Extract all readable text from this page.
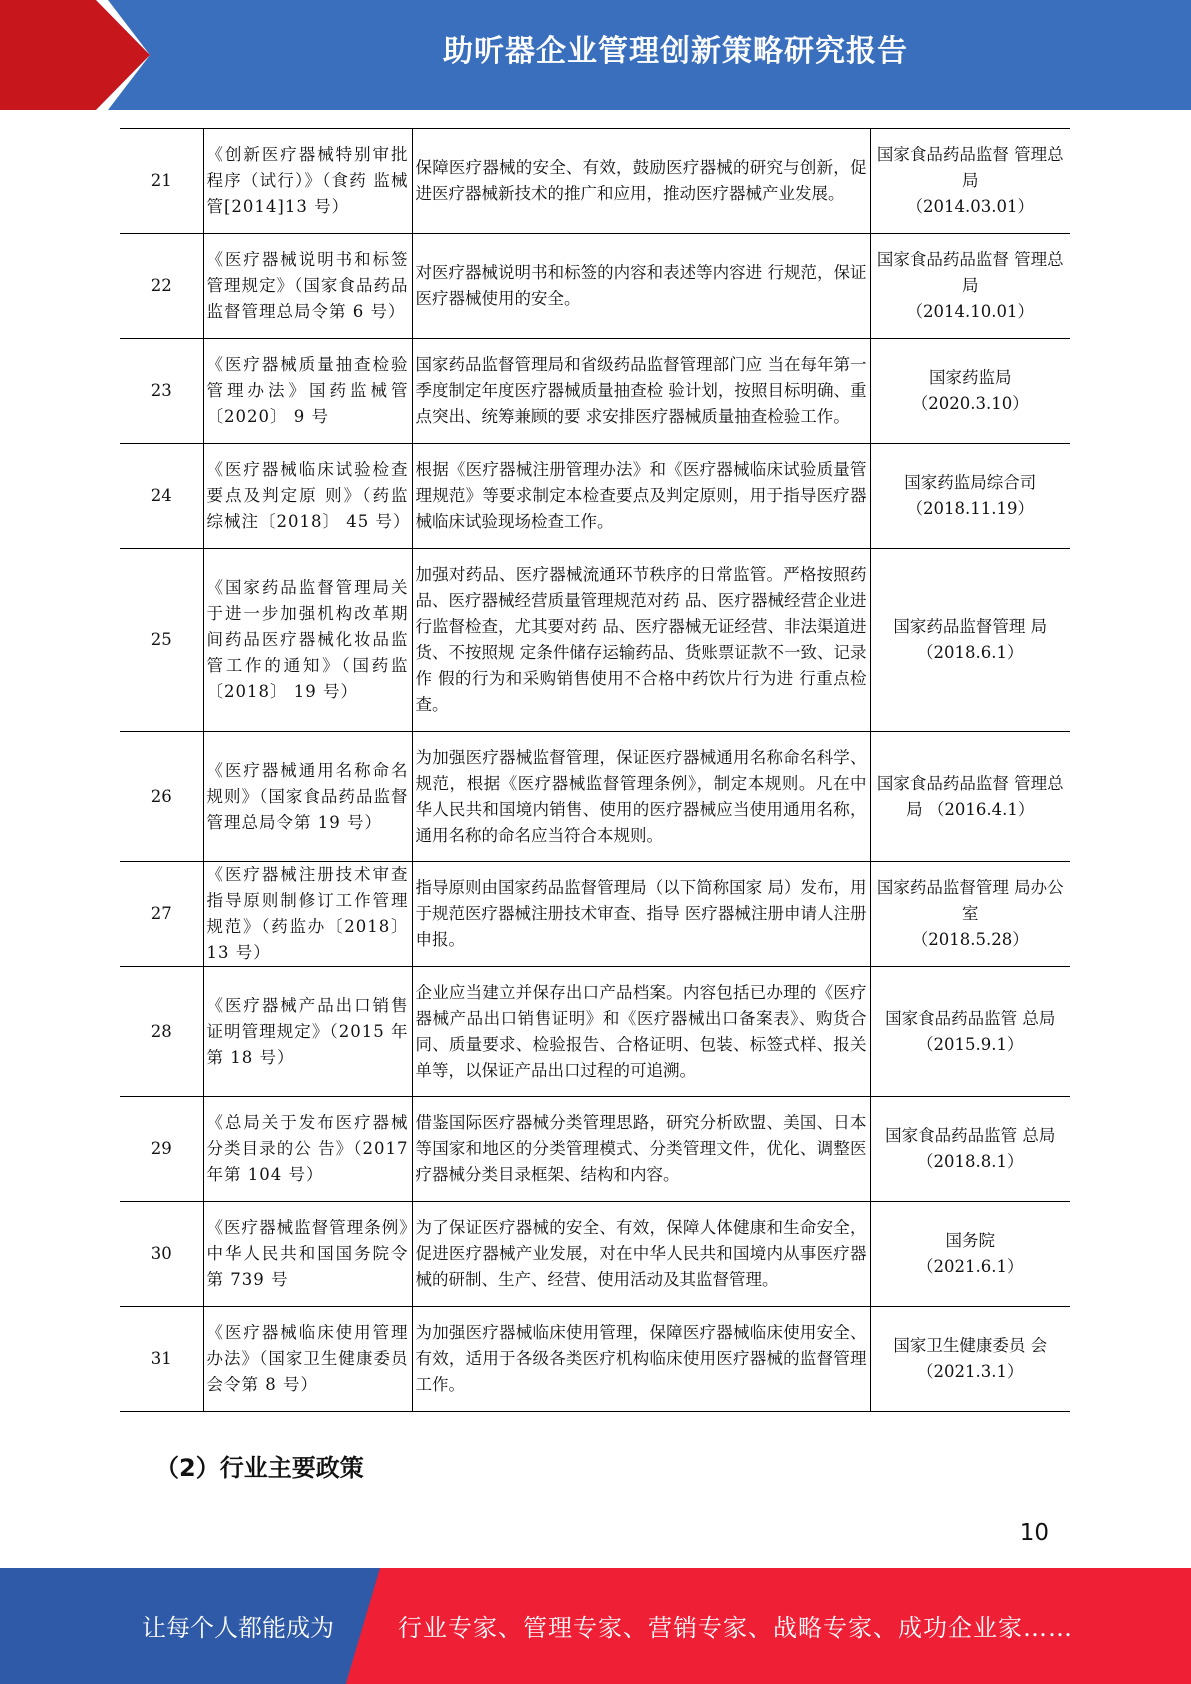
助听器企业管理创新策略研究报告
21	《创新医疗器械特别审批程序（试行）》（食药 监械管[2014]13 号）	保障医疗器械的安全、有效，鼓励医疗器械的研究与创新，促进医疗器械新技术的推广和应用，推动医疗器械产业发展。	国家食品药品监督 管理总局
（2014.03.01）

22	《医疗器械说明书和标签管理规定》（国家食品药品监督管理总局令第 6 号）	对医疗器械说明书和标签的内容和表述等内容进 行规范，保证医疗器械使用的安全。	国家食品药品监督 管理总局
（2014.10.01）

23	《医疗器械质量抽查检验管理办法》国药监械管〔2020〕 9 号	国家药品监督管理局和省级药品监督管理部门应 当在每年第一季度制定年度医疗器械质量抽查检 验计划，按照目标明确、重点突出、统筹兼顾的要 求安排医疗器械质量抽查检验工作。	国家药监局
（2020.3.10）

24	《医疗器械临床试验检查要点及判定原 则》（药监综械注〔2018〕 45 号）	根据《医疗器械注册管理办法》和《医疗器械临床试验质量管理规范》等要求制定本检查要点及判定原则，用于指导医疗器械临床试验现场检查工作。	国家药监局综合司
（2018.11.19）

25	《国家药品监督管理局关于进一步加强机构改革期间药品医疗器械化妆品监管工作的通知》（国药监〔2018〕 19 号）	加强对药品、医疗器械流通环节秩序的日常监管。严格按照药品、医疗器械经营质量管理规范对药 品、医疗器械经营企业进行监督检查，尤其要对药 品、医疗器械无证经营、非法渠道进货、不按照规 定条件储存运输药品、货账票证款不一致、记录作 假的行为和采购销售使用不合格中药饮片行为进 行重点检查。	国家药品监督管理 局
（2018.6.1）

26	《医疗器械通用名称命名规则》（国家食品药品监督管理总局令第 19 号）	为加强医疗器械监督管理，保证医疗器械通用名称命名科学、规范，根据《医疗器械监督管理条例》，制定本规则。凡在中华人民共和国境内销售、使用的医疗器械应当使用通用名称，通用名称的命名应当符合本规则。	国家食品药品监督 管理总局 （2016.4.1）

27	《医疗器械注册技术审查指导原则制修订工作管理规范》（药监办〔2018〕13 号）	指导原则由国家药品监督管理局（以下简称国家 局）发布，用于规范医疗器械注册技术审查、指导 医疗器械注册申请人注册申报。	国家药品监督管理 局办公室
（2018.5.28）

28	《医疗器械产品出口销售证明管理规定》（2015 年第 18 号）	企业应当建立并保存出口产品档案。内容包括已办理的《医疗器械产品出口销售证明》和《医疗器械出口备案表》、购货合同、质量要求、检验报告、合格证明、包装、标签式样、报关单等，以保证产品出口过程的可追溯。	国家食品药品监管 总局
（2015.9.1）

29	《总局关于发布医疗器械分类目录的公 告》（2017 年第 104 号）	借鉴国际医疗器械分类管理思路，研究分析欧盟、美国、日本等国家和地区的分类管理模式、分类管理文件，优化、调整医疗器械分类目录框架、结构和内容。	国家食品药品监管 总局
（2018.8.1）

30	《医疗器械监督管理条例》中华人民共和国国务院令第 739 号	为了保证医疗器械的安全、有效，保障人体健康和生命安全，促进医疗器械产业发展，对在中华人民共和国境内从事医疗器械的研制、生产、经营、使用活动及其监督管理。	国务院
（2021.6.1）

31	《医疗器械临床使用管理办法》（国家卫生健康委员会令第 8 号）	为加强医疗器械临床使用管理，保障医疗器械临床使用安全、有效，适用于各级各类医疗机构临床使用医疗器械的监督管理工作。	国家卫生健康委员 会
（2021.3.1）
（2）行业主要政策
10
让每个人都能成为	行业专家、管理专家、营销专家、战略专家、成功企业家……
